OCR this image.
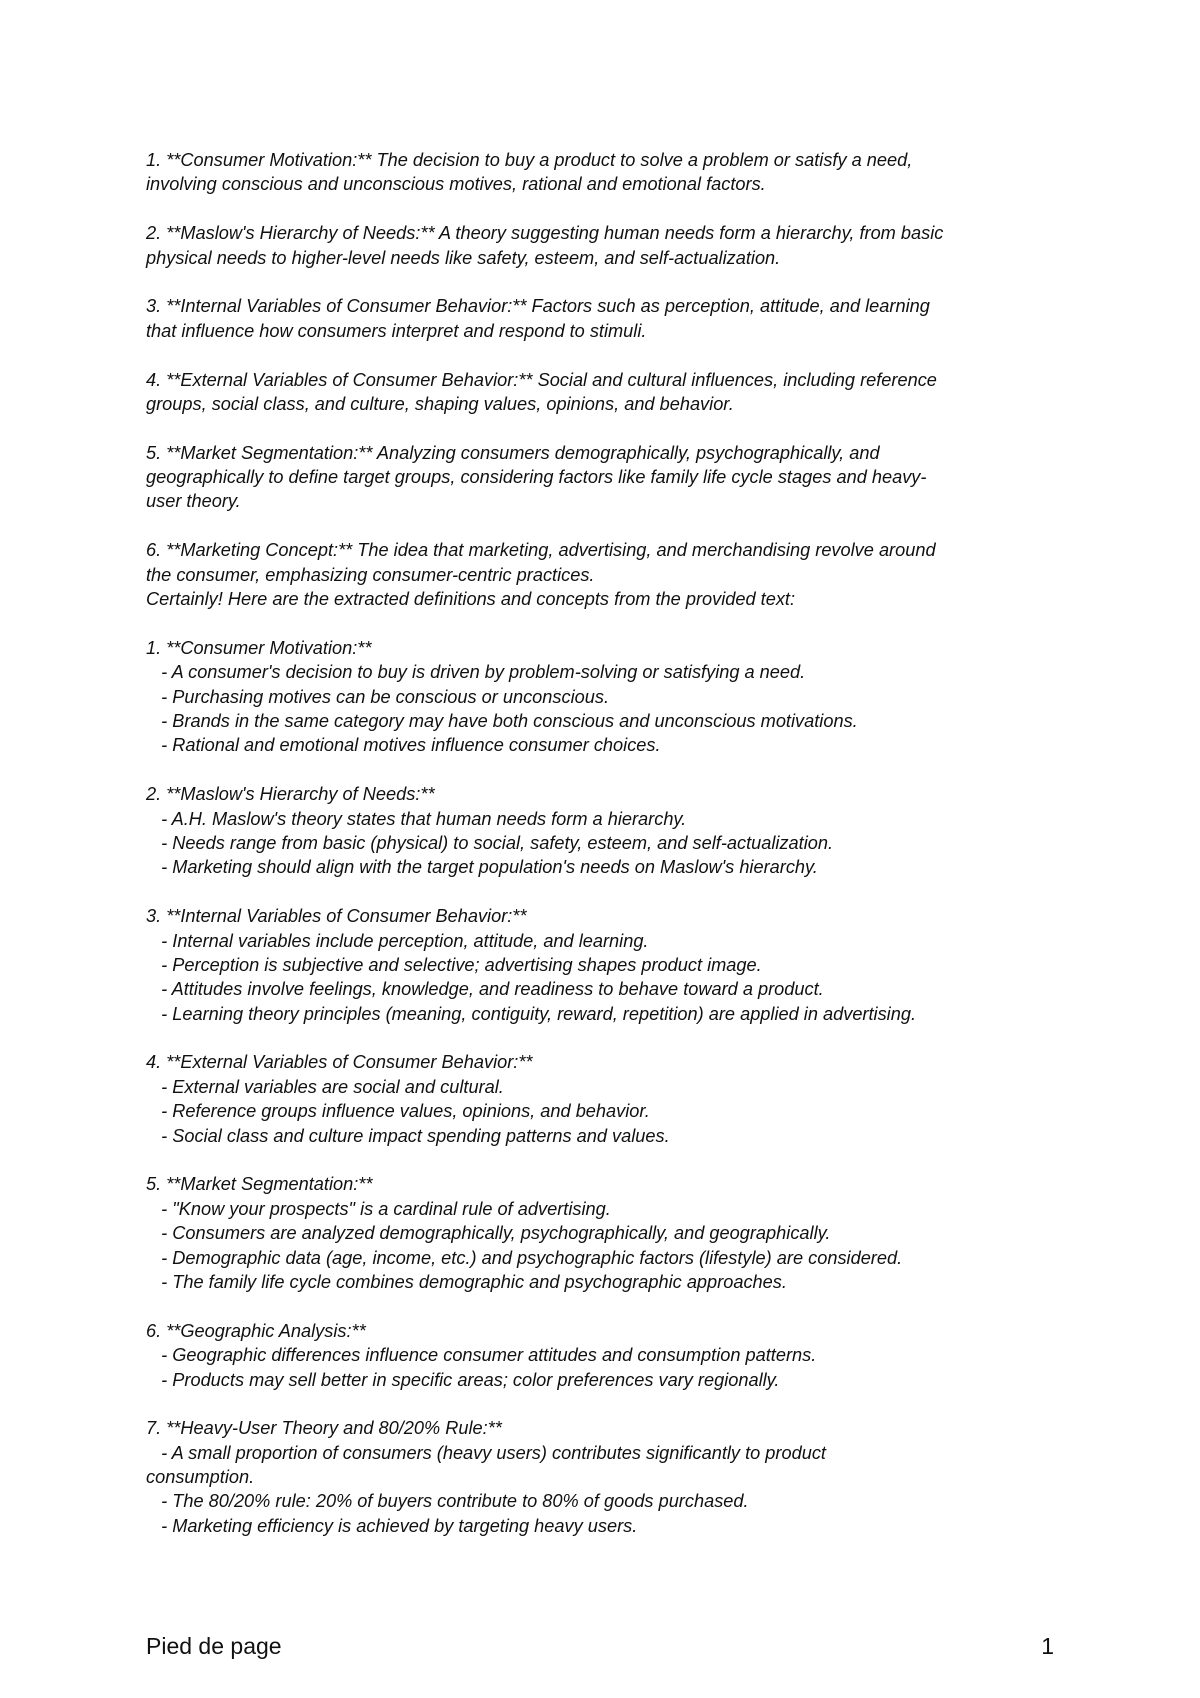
1. **Consumer Motivation:** The decision to buy a product to solve a problem or satisfy a need,
involving conscious and unconscious motives, rational and emotional factors.
2. **Maslow's Hierarchy of Needs:** A theory suggesting human needs form a hierarchy, from basic
physical needs to higher-level needs like safety, esteem, and self-actualization.
3. **Internal Variables of Consumer Behavior:** Factors such as perception, attitude, and learning
that influence how consumers interpret and respond to stimuli.
4. **External Variables of Consumer Behavior:** Social and cultural influences, including reference
groups, social class, and culture, shaping values, opinions, and behavior.
5. **Market Segmentation:** Analyzing consumers demographically, psychographically, and
geographically to define target groups, considering factors like family life cycle stages and heavy-
user theory.
6. **Marketing Concept:** The idea that marketing, advertising, and merchandising revolve around
the consumer, emphasizing consumer-centric practices.
Certainly! Here are the extracted definitions and concepts from the provided text:
1. **Consumer Motivation:**
- A consumer's decision to buy is driven by problem-solving or satisfying a need.
- Purchasing motives can be conscious or unconscious.
- Brands in the same category may have both conscious and unconscious motivations.
- Rational and emotional motives influence consumer choices.
2. **Maslow's Hierarchy of Needs:**
- A.H. Maslow's theory states that human needs form a hierarchy.
- Needs range from basic (physical) to social, safety, esteem, and self-actualization.
- Marketing should align with the target population's needs on Maslow's hierarchy.
3. **Internal Variables of Consumer Behavior:**
- Internal variables include perception, attitude, and learning.
- Perception is subjective and selective; advertising shapes product image.
- Attitudes involve feelings, knowledge, and readiness to behave toward a product.
- Learning theory principles (meaning, contiguity, reward, repetition) are applied in advertising.
4. **External Variables of Consumer Behavior:**
- External variables are social and cultural.
- Reference groups influence values, opinions, and behavior.
- Social class and culture impact spending patterns and values.
5. **Market Segmentation:**
- "Know your prospects" is a cardinal rule of advertising.
- Consumers are analyzed demographically, psychographically, and geographically.
- Demographic data (age, income, etc.) and psychographic factors (lifestyle) are considered.
- The family life cycle combines demographic and psychographic approaches.
6. **Geographic Analysis:**
- Geographic differences influence consumer attitudes and consumption patterns.
- Products may sell better in specific areas; color preferences vary regionally.
7. **Heavy-User Theory and 80/20% Rule:**
- A small proportion of consumers (heavy users) contributes significantly to product
consumption.
- The 80/20% rule: 20% of buyers contribute to 80% of goods purchased.
- Marketing efficiency is achieved by targeting heavy users.
Pied de page	1
